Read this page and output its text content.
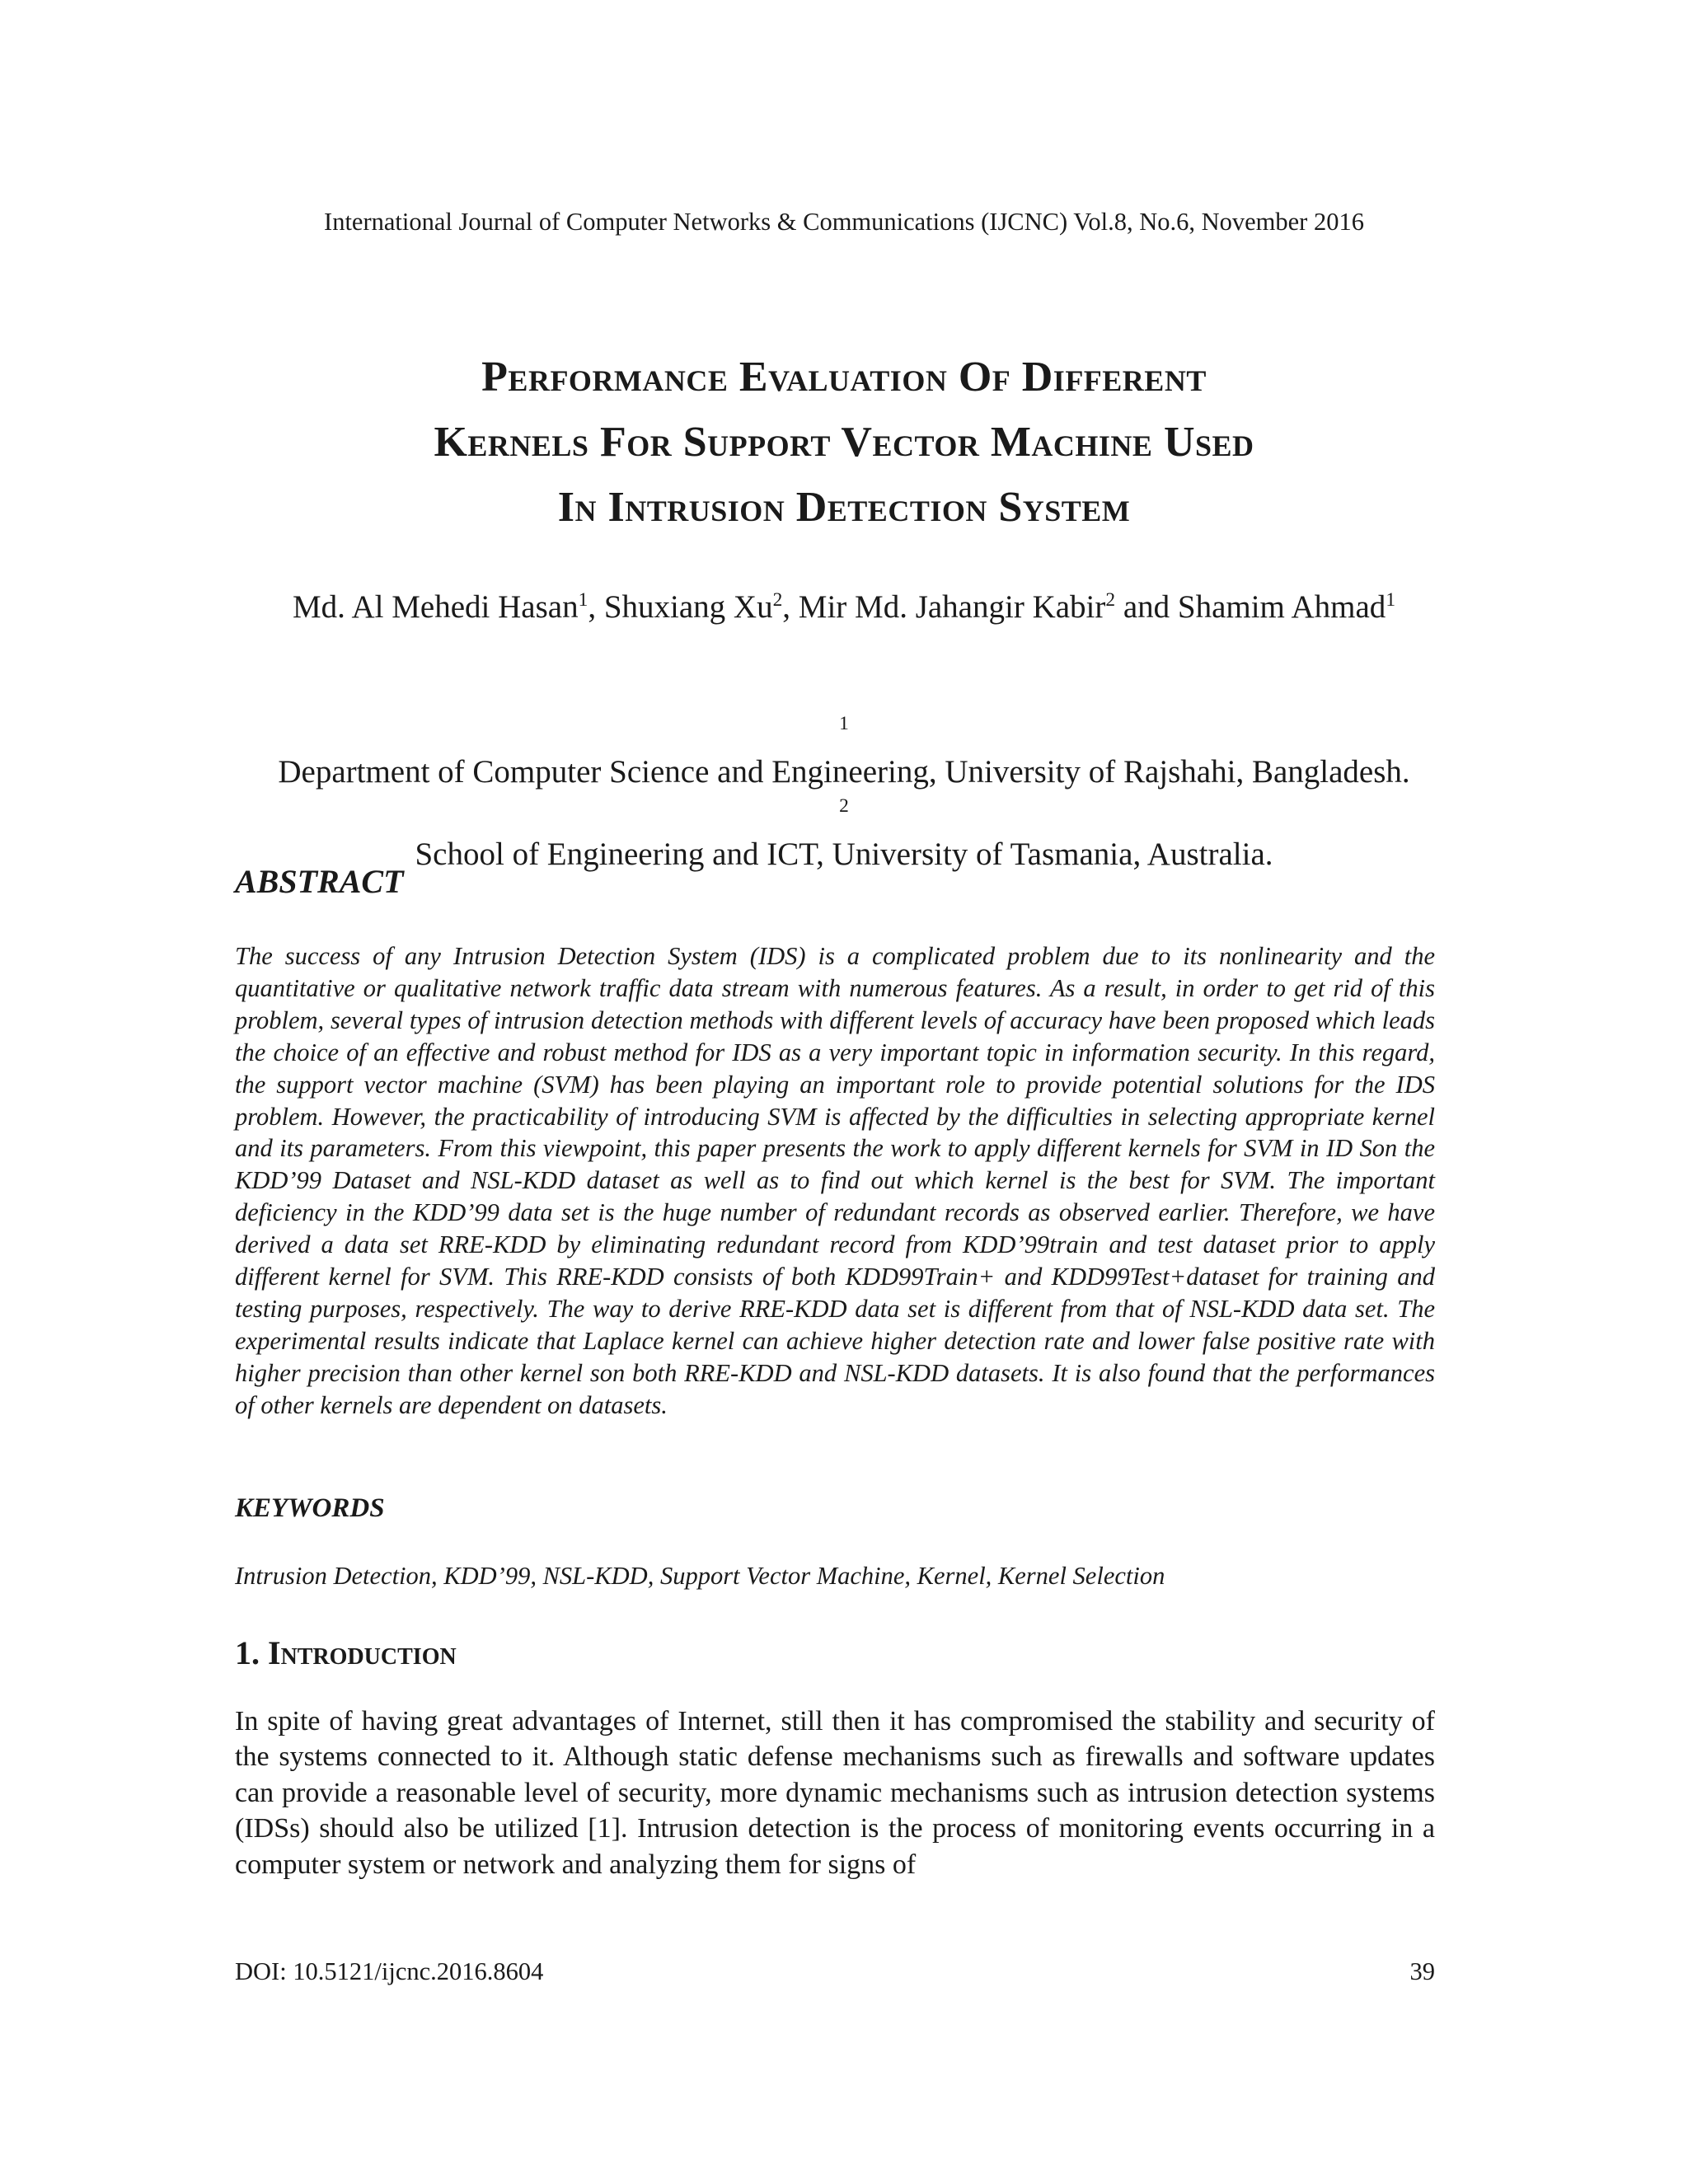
International Journal of Computer Networks & Communications (IJCNC) Vol.8, No.6, November 2016
Performance Evaluation Of Different
Kernels For Support Vector Machine Used
In Intrusion Detection System
Md. Al Mehedi Hasan$^1$, Shuxiang Xu$^2$, Mir Md. Jahangir Kabir$^2$ and Shamim Ahmad$^1$
$^1$
Department of Computer Science and Engineering, University of Rajshahi, Bangladesh.
$^2$
School of Engineering and ICT, University of Tasmania, Australia.
ABSTRACT
The success of any Intrusion Detection System (IDS) is a complicated problem due to its nonlinearity and the quantitative or qualitative network traffic data stream with numerous features. As a result, in order to get rid of this problem, several types of intrusion detection methods with different levels of accuracy have been proposed which leads the choice of an effective and robust method for IDS as a very important topic in information security. In this regard, the support vector machine (SVM) has been playing an important role to provide potential solutions for the IDS problem. However, the practicability of introducing SVM is affected by the difficulties in selecting appropriate kernel and its parameters. From this viewpoint, this paper presents the work to apply different kernels for SVM in ID Son the KDD’99 Dataset and NSL-KDD dataset as well as to find out which kernel is the best for SVM. The important deficiency in the KDD’99 data set is the huge number of redundant records as observed earlier. Therefore, we have derived a data set RRE-KDD by eliminating redundant record from KDD’99train and test dataset prior to apply different kernel for SVM. This RRE-KDD consists of both KDD99Train+ and KDD99Test+dataset for training and testing purposes, respectively. The way to derive RRE-KDD data set is different from that of NSL-KDD data set. The experimental results indicate that Laplace kernel can achieve higher detection rate and lower false positive rate with higher precision than other kernel son both RRE-KDD and NSL-KDD datasets. It is also found that the performances of other kernels are dependent on datasets.
KEYWORDS
Intrusion Detection, KDD’99, NSL-KDD, Support Vector Machine, Kernel, Kernel Selection
1. Introduction
In spite of having great advantages of Internet, still then it has compromised the stability and security of the systems connected to it. Although static defense mechanisms such as firewalls and software updates can provide a reasonable level of security, more dynamic mechanisms such as intrusion detection systems (IDSs) should also be utilized [1]. Intrusion detection is the process of monitoring events occurring in a computer system or network and analyzing them for signs of
DOI: 10.5121/ijcnc.2016.8604	39
